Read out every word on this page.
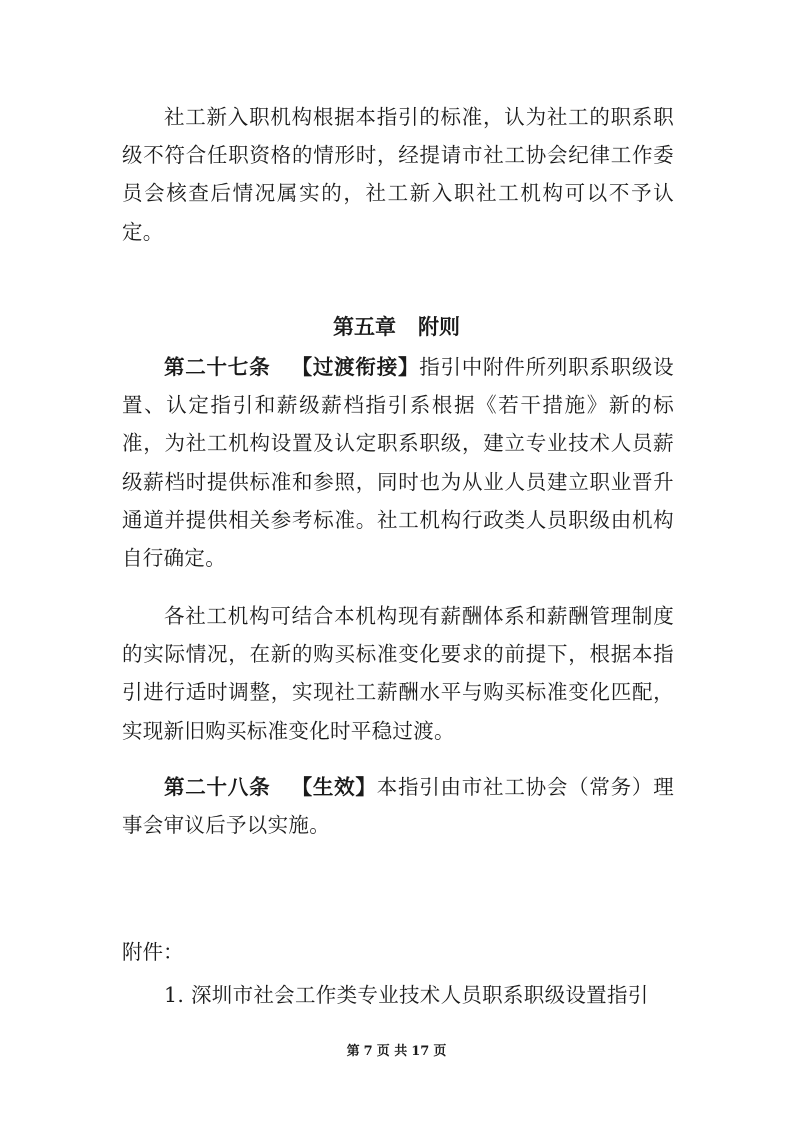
社工新入职机构根据本指引的标准，认为社工的职系职级不符合任职资格的情形时，经提请市社工协会纪律工作委员会核查后情况属实的，社工新入职社工机构可以不予认定。

第五章 附则

第二十七条  【过渡衔接】指引中附件所列职系职级设置、认定指引和薪级薪档指引系根据《若干措施》新的标准，为社工机构设置及认定职系职级，建立专业技术人员薪级薪档时提供标准和参照，同时也为从业人员建立职业晋升通道并提供相关参考标准。社工机构行政类人员职级由机构自行确定。

各社工机构可结合本机构现有薪酬体系和薪酬管理制度的实际情况，在新的购买标准变化要求的前提下，根据本指引进行适时调整，实现社工薪酬水平与购买标准变化匹配，实现新旧购买标准变化时平稳过渡。

第二十八条  【生效】本指引由市社工协会（常务）理事会审议后予以实施。

附件：

1. 深圳市社会工作类专业技术人员职系职级设置指引

第 7 页 共 17 页
